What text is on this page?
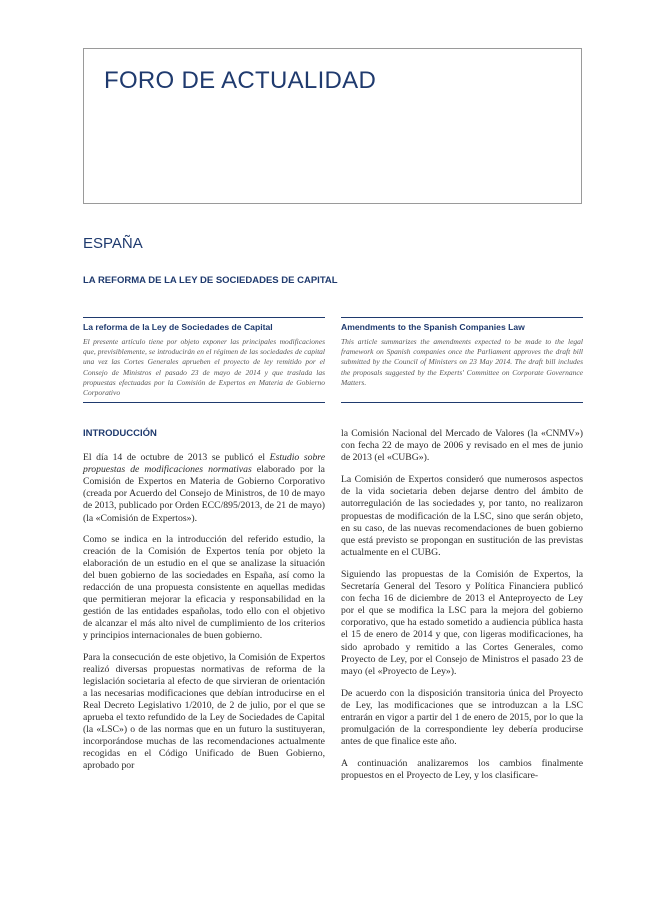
FORO DE ACTUALIDAD
ESPAÑA
LA REFORMA DE LA LEY DE SOCIEDADES DE CAPITAL
La reforma de la Ley de Sociedades de Capital
El presente artículo tiene por objeto exponer las principales modificaciones que, previsiblemente, se introducirán en el régimen de las sociedades de capital una vez las Cortes Generales aprueben el proyecto de ley remitido por el Consejo de Ministros el pasado 23 de mayo de 2014 y que traslada las propuestas efectuadas por la Comisión de Expertos en Materia de Gobierno Corporativo
Amendments to the Spanish Companies Law
This article summarizes the amendments expected to be made to the legal framework on Spanish companies once the Parliament approves the draft bill submitted by the Council of Ministers on 23 May 2014. The draft bill includes the proposals suggested by the Experts' Committee on Corporate Governance Matters.
INTRODUCCIÓN

El día 14 de octubre de 2013 se publicó el Estudio sobre propuestas de modificaciones normativas elaborado por la Comisión de Expertos en Materia de Gobierno Corporativo (creada por Acuerdo del Consejo de Ministros, de 10 de mayo de 2013, publicado por Orden ECC/895/2013, de 21 de mayo) (la «Comisión de Expertos»).

Como se indica en la introducción del referido estudio, la creación de la Comisión de Expertos tenía por objeto la elaboración de un estudio en el que se analizase la situación del buen gobierno de las sociedades en España, así como la redacción de una propuesta consistente en aquellas medidas que permitieran mejorar la eficacia y responsabilidad en la gestión de las entidades españolas, todo ello con el objetivo de alcanzar el más alto nivel de cumplimiento de los criterios y principios internacionales de buen gobierno.

Para la consecución de este objetivo, la Comisión de Expertos realizó diversas propuestas normativas de reforma de la legislación societaria al efecto de que sirvieran de orientación a las necesarias modificaciones que debían introducirse en el Real Decreto Legislativo 1/2010, de 2 de julio, por el que se aprueba el texto refundido de la Ley de Sociedades de Capital (la «LSC») o de las normas que en un futuro la sustituyeran, incorporándose muchas de las recomendaciones actualmente recogidas en el Código Unificado de Buen Gobierno, aprobado por

la Comisión Nacional del Mercado de Valores (la «CNMV») con fecha 22 de mayo de 2006 y revisado en el mes de junio de 2013 (el «CUBG»).

La Comisión de Expertos consideró que numerosos aspectos de la vida societaria deben dejarse dentro del ámbito de autorregulación de las sociedades y, por tanto, no realizaron propuestas de modificación de la LSC, sino que serán objeto, en su caso, de las nuevas recomendaciones de buen gobierno que está previsto se propongan en sustitución de las previstas actualmente en el CUBG.

Siguiendo las propuestas de la Comisión de Expertos, la Secretaría General del Tesoro y Política Financiera publicó con fecha 16 de diciembre de 2013 el Anteproyecto de Ley por el que se modifica la LSC para la mejora del gobierno corporativo, que ha estado sometido a audiencia pública hasta el 15 de enero de 2014 y que, con ligeras modificaciones, ha sido aprobado y remitido a las Cortes Generales, como Proyecto de Ley, por el Consejo de Ministros el pasado 23 de mayo (el «Proyecto de Ley»).

De acuerdo con la disposición transitoria única del Proyecto de Ley, las modificaciones que se introduzcan a la LSC entrarán en vigor a partir del 1 de enero de 2015, por lo que la promulgación de la correspondiente ley debería producirse antes de que finalice este año.

A continuación analizaremos los cambios finalmente propuestos en el Proyecto de Ley, y los clasificare-
